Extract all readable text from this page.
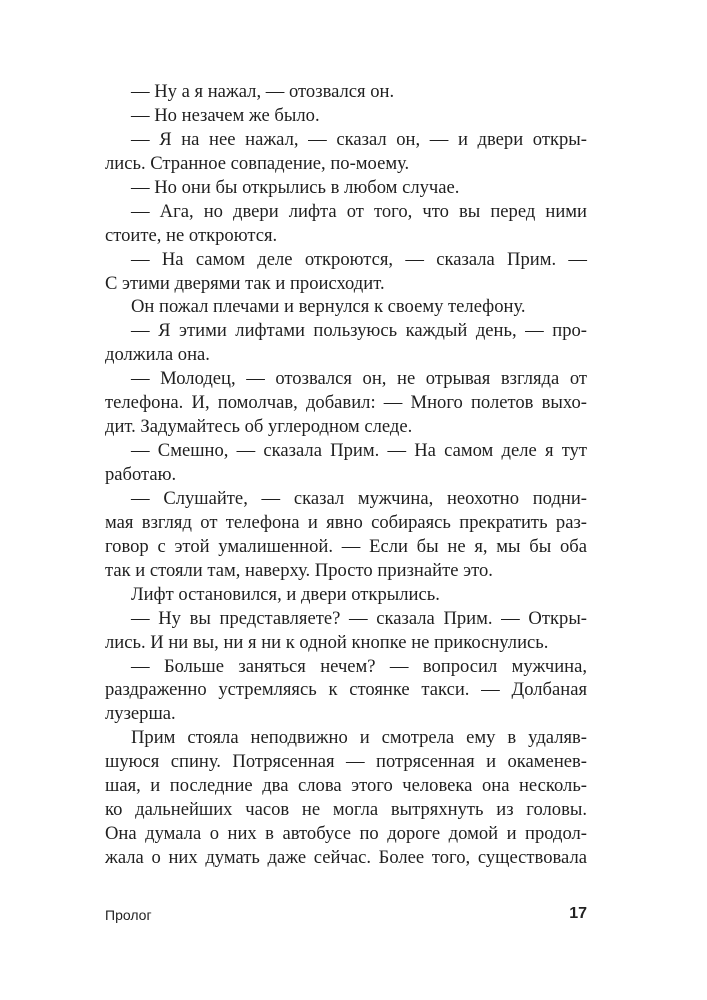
— Ну а я нажал, — отозвался он.
— Но незачем же было.
— Я на нее нажал, — сказал он, — и двери откры-
лись. Странное совпадение, по-моему.
— Но они бы открылись в любом случае.
— Ага, но двери лифта от того, что вы перед ними
стоите, не откроются.
— На самом деле откроются, — сказала Прим. —
С этими дверями так и происходит.
Он пожал плечами и вернулся к своему телефону.
— Я этими лифтами пользуюсь каждый день, — про-
должила она.
— Молодец, — отозвался он, не отрывая взгляда от
телефона. И, помолчав, добавил: — Много полетов выхо-
дит. Задумайтесь об углеродном следе.
— Смешно, — сказала Прим. — На самом деле я тут
работаю.
— Слушайте, — сказал мужчина, неохотно подни-
мая взгляд от телефона и явно собираясь прекратить раз-
говор с этой умалишенной. — Если бы не я, мы бы оба
так и стояли там, наверху. Просто признайте это.
Лифт остановился, и двери открылись.
— Ну вы представляете? — сказала Прим. — Откры-
лись. И ни вы, ни я ни к одной кнопке не прикоснулись.
— Больше заняться нечем? — вопросил мужчина,
раздраженно устремляясь к стоянке такси. — Долбаная
лузерша.
Прим стояла неподвижно и смотрела ему в удаляв-
шуюся спину. Потрясенная — потрясенная и окаменев-
шая, и последние два слова этого человека она несколь-
ко дальнейших часов не могла вытряхнуть из головы.
Она думала о них в автобусе по дороге домой и продол-
жала о них думать даже сейчас. Более того, существовала
Пролог	17
